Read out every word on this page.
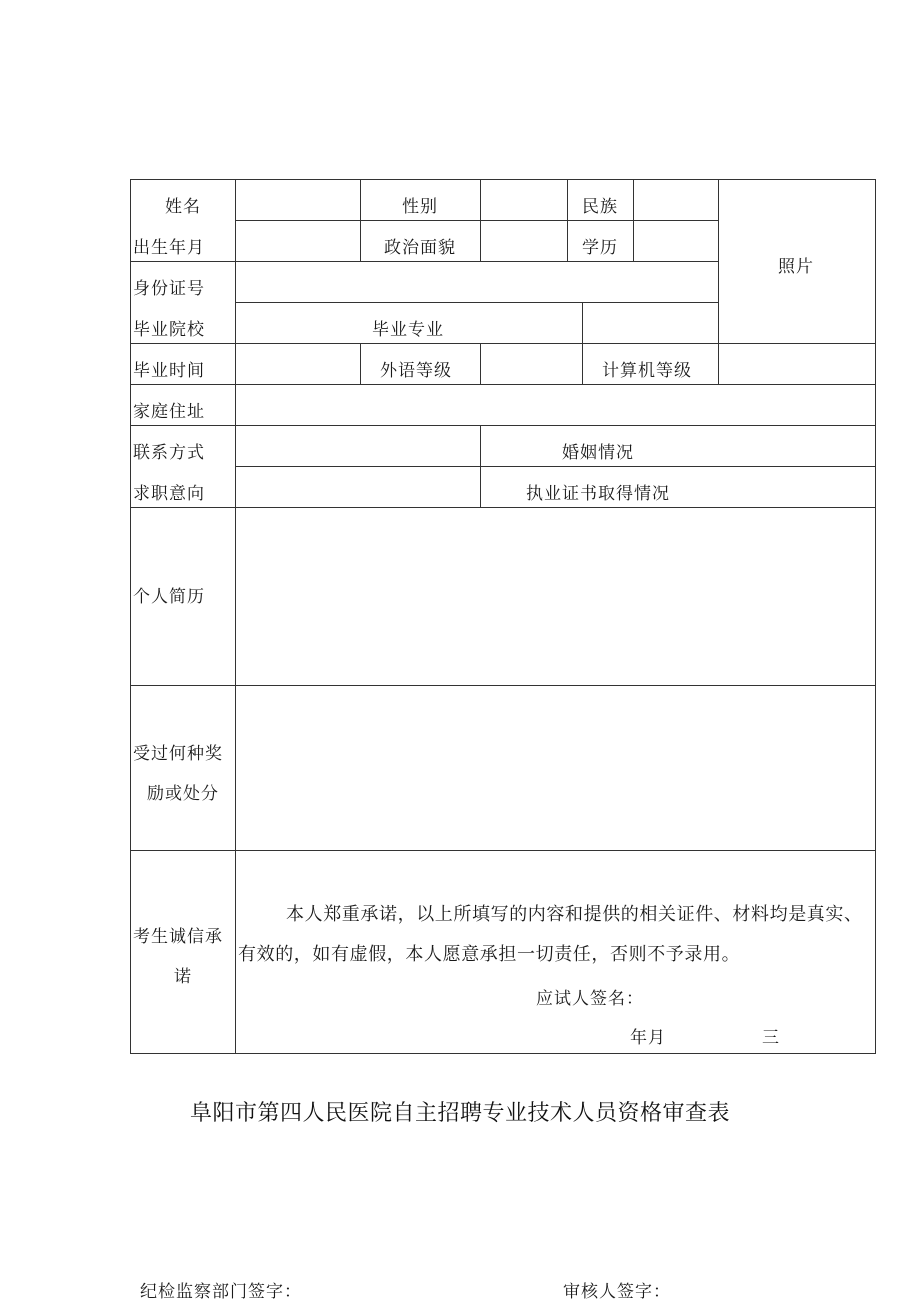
姓名	性别	民族
照片
出生年月	政治面貌	学历
身份证号
毕业院校	毕业专业
毕业时间	外语等级	计算机等级
家庭住址
联系方式	婚姻情况
求职意向	执业证书取得情况
个人简历
受过何种奖
励或处分
考生诚信承
诺
本人郑重承诺，以上所填写的内容和提供的相关证件、材料均是真实、有效的，如有虚假，本人愿意承担一切责任，否则不予录用。
应试人签名：
年月	三
阜阳市第四人民医院自主招聘专业技术人员资格审查表
纪检监察部门签字：	审核人签字：
